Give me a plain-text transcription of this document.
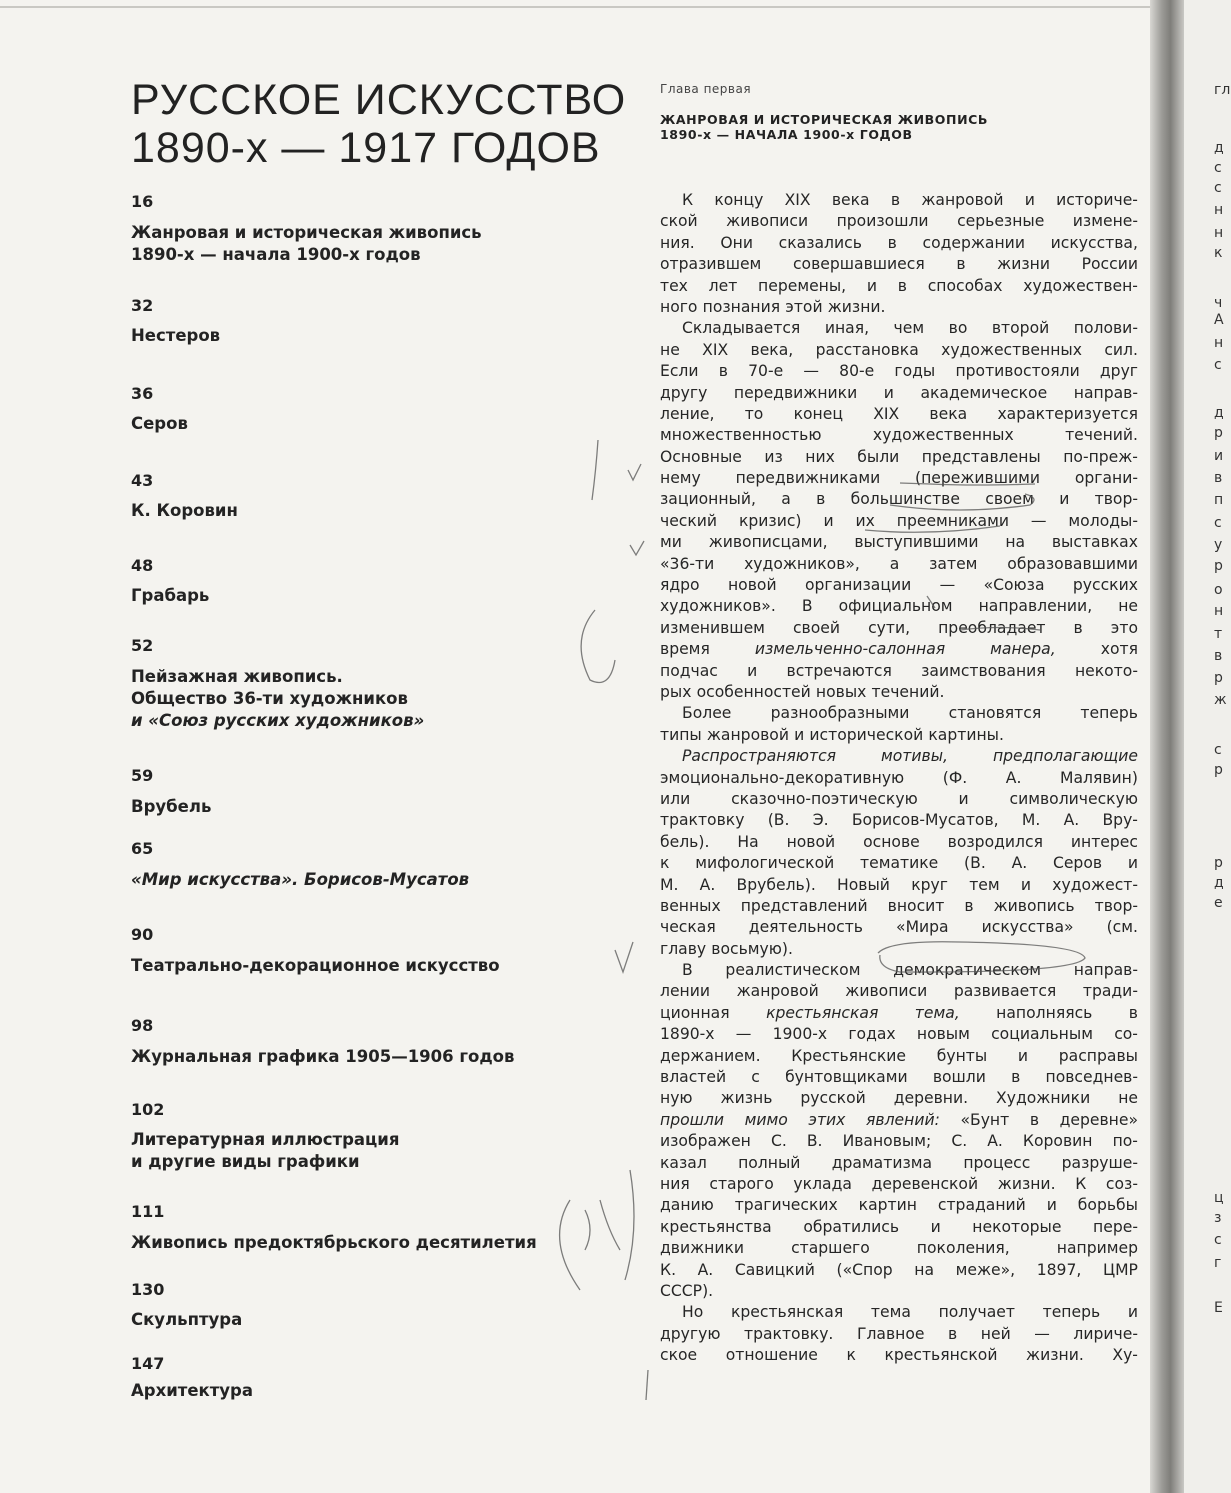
РУССКОЕ ИСКУССТВО
1890-х — 1917 ГОДОВ
16
Жанровая и историческая живопись
1890-х — начала 1900-х годов
32
Нестеров
36
Серов
43
К. Коровин
48
Грабарь
52
Пейзажная живопись.
Общество 36-ти художников
и «Союз русских художников»
59
Врубель
65
«Мир искусства». Борисов-Мусатов
90
Театрально-декорационное искусство
98
Журнальная графика 1905—1906 годов
102
Литературная иллюстрация
и другие виды графики
111
Живопись предоктябрьского десятилетия
130
Скульптура
147
Архитектура
Глава первая
ЖАНРОВАЯ И ИСТОРИЧЕСКАЯ ЖИВОПИСЬ
1890-х — НАЧАЛА 1900-х ГОДОВ
К концу XIX века в жанровой и историче-
ской живописи произошли серьезные измене-
ния. Они сказались в содержании искусства,
отразившем совершавшиеся в жизни России
тех лет перемены, и в способах художествен-
ного познания этой жизни.
Складывается иная, чем во второй полови-
не XIX века, расстановка художественных сил.
Если в 70-е — 80-е годы противостояли друг
другу передвижники и академическое направ-
ление, то конец XIX века характеризуется
множественностью	художественных	течений.
Основные из них были представлены по-преж-
нему передвижниками (пережившими органи-
зационный, а в большинстве своем и твор-
ческий кризис) и их преемниками — молоды-
ми живописцами, выступившими на выставках
«36-ти художников», а затем образовавшими
ядро новой организации — «Союза русских
художников». В официальном направлении, не
изменившем своей сути, преобладает в это
время	измельченно-салонная	манера,	хотя
подчас и встречаются заимствования некото-
рых особенностей новых течений.
Более	разнообразными	становятся	теперь
типы жанровой и исторической картины.
Распространяются	мотивы,	предполагающие
эмоционально-декоративную (Ф. А. Малявин)
или	сказочно-поэтическую	и	символическую
трактовку (В. Э. Борисов-Мусатов, М. А. Вру-
бель). На новой основе возродился интерес
к мифологической тематике (В. А. Серов и
М. А. Врубель). Новый круг тем и художест-
венных представлений вносит в живопись твор-
ческая деятельность «Мира искусства» (см.
главу восьмую).
В реалистическом демократическом направ-
лении жанровой живописи развивается тради-
ционная крестьянская тема, наполняясь в
1890-х — 1900-х годах новым социальным со-
держанием. Крестьянские бунты и расправы
властей с бунтовщиками вошли в повседнев-
ную жизнь русской деревни. Художники не
прошли мимо этих явлений: «Бунт в деревне»
изображен С. В. Ивановым; С. А. Коровин по-
казал полный драматизма процесс разруше-
ния старого уклада деревенской жизни. К соз-
данию трагических картин страданий и борьбы
крестьянства обратились и некоторые пере-
движники	старшего	поколения,	например
К. А. Савицкий («Спор на меже», 1897, ЦМР
СССР).
Но крестьянская тема получает теперь и
другую трактовку. Главное в ней — лириче-
ское отношение к крестьянской жизни. Ху-
гл
д
с
с
н
н
к
ч
А
н
с
д
р
и
в
п
с
у
р
о
н
т
в
р
ж
с
р
р
д
е
ц
з
с
г
Е
